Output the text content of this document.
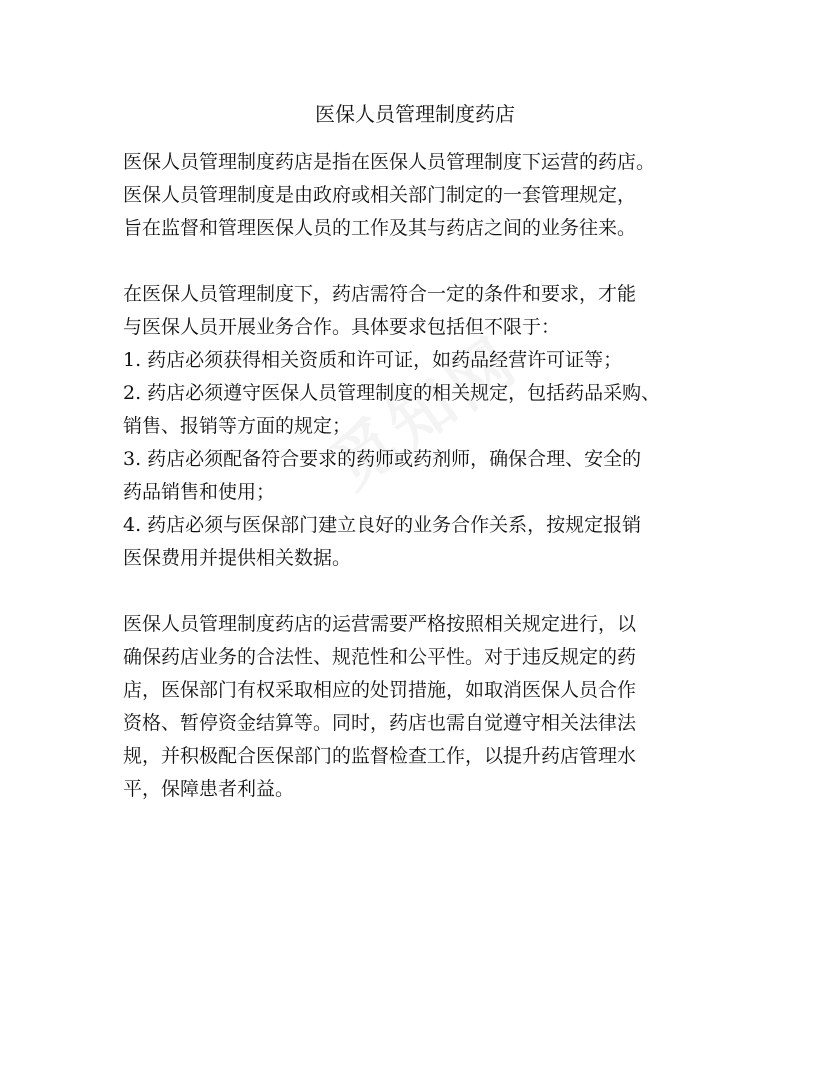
医保人员管理制度药店
医保人员管理制度药店是指在医保人员管理制度下运营的药店。
医保人员管理制度是由政府或相关部门制定的一套管理规定，
旨在监督和管理医保人员的工作及其与药店之间的业务往来。
在医保人员管理制度下，药店需符合一定的条件和要求，才能
与医保人员开展业务合作。具体要求包括但不限于：
1. 药店必须获得相关资质和许可证，如药品经营许可证等；
2. 药店必须遵守医保人员管理制度的相关规定，包括药品采购、
销售、报销等方面的规定；
3. 药店必须配备符合要求的药师或药剂师，确保合理、安全的
药品销售和使用；
4. 药店必须与医保部门建立良好的业务合作关系，按规定报销
医保费用并提供相关数据。
医保人员管理制度药店的运营需要严格按照相关规定进行，以
确保药店业务的合法性、规范性和公平性。对于违反规定的药
店，医保部门有权采取相应的处罚措施，如取消医保人员合作
资格、暂停资金结算等。同时，药店也需自觉遵守相关法律法
规，并积极配合医保部门的监督检查工作，以提升药店管理水
平，保障患者利益。
